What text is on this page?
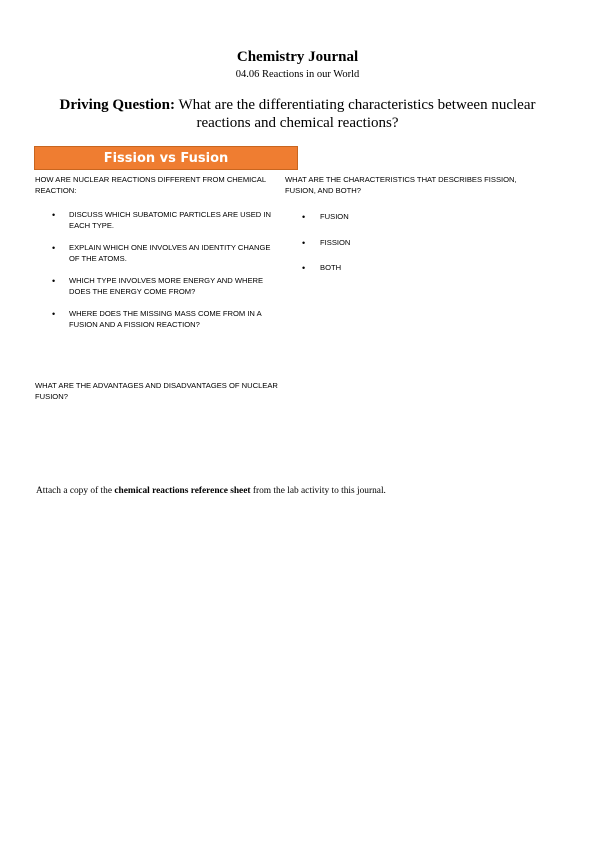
Chemistry Journal
04.06 Reactions in our World
Driving Question: What are the differentiating characteristics between nuclear reactions and chemical reactions?
Fission vs Fusion
HOW ARE NUCLEAR REACTIONS DIFFERENT FROM CHEMICAL REACTION:
• DISCUSS WHICH SUBATOMIC PARTICLES ARE USED IN EACH TYPE.
• EXPLAIN WHICH ONE INVOLVES AN IDENTITY CHANGE OF THE ATOMS.
• WHICH TYPE INVOLVES MORE ENERGY AND WHERE DOES THE ENERGY COME FROM?
• WHERE DOES THE MISSING MASS COME FROM IN A FUSION AND A FISSION REACTION?
WHAT ARE THE ADVANTAGES AND DISADVANTAGES OF NUCLEAR FUSION?
WHAT ARE THE CHARACTERISTICS THAT DESCRIBES FISSION, FUSION, AND BOTH?
• FUSION
• FISSION
• BOTH
Attach a copy of the chemical reactions reference sheet from the lab activity to this journal.
